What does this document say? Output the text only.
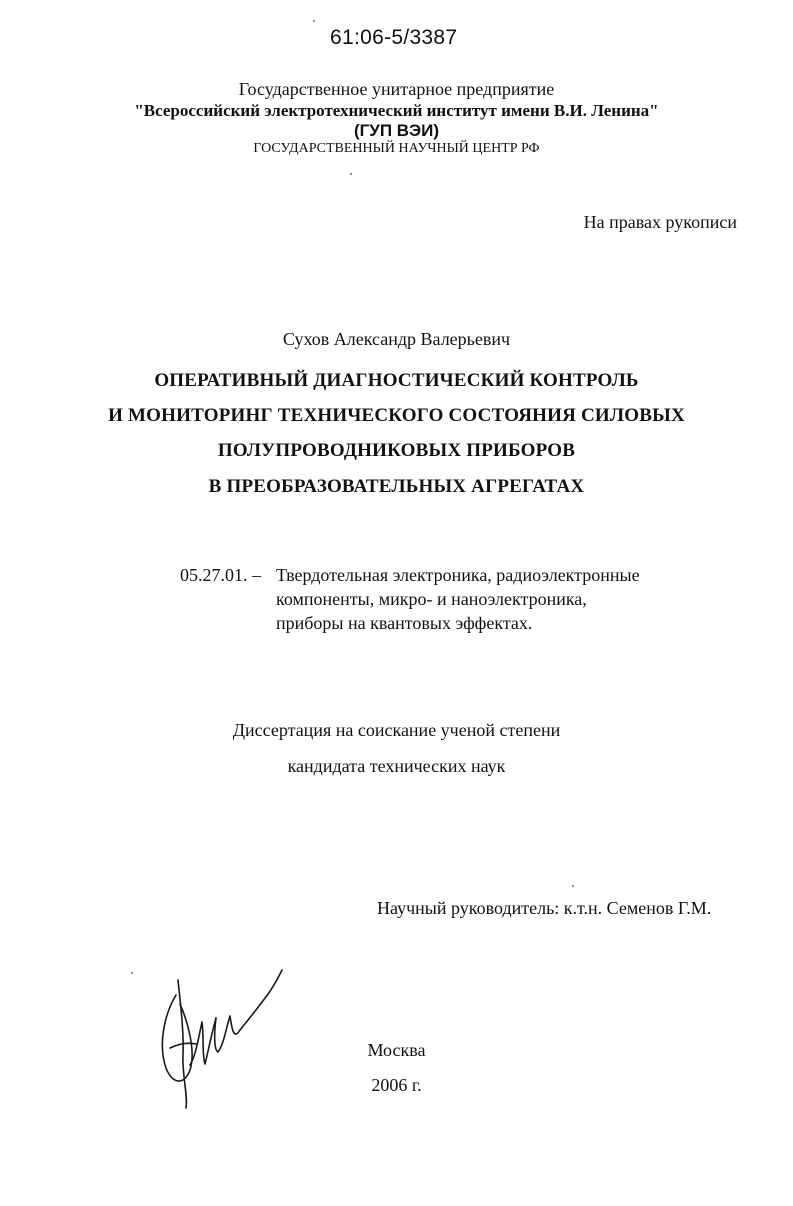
61:06-5/3387

Государственное унитарное предприятие

"Всероссийский электротехнический институт имени В.И. Ленина"

(ГУП ВЭИ)

ГОСУДАРСТВЕННЫЙ НАУЧНЫЙ ЦЕНТР РФ

На правах рукописи

Сухов Александр Валерьевич

ОПЕРАТИВНЫЙ ДИАГНОСТИЧЕСКИЙ КОНТРОЛЬ

И МОНИТОРИНГ ТЕХНИЧЕСКОГО СОСТОЯНИЯ СИЛОВЫХ

ПОЛУПРОВОДНИКОВЫХ ПРИБОРОВ

В ПРЕОБРАЗОВАТЕЛЬНЫХ АГРЕГАТАХ

05.27.01. – Твердотельная электроника, радиоэлектронные

компоненты, микро- и наноэлектроника,

приборы на квантовых эффектах.

Диссертация на соискание ученой степени

кандидата технических наук

Научный руководитель: к.т.н. Семенов Г.М.

Москва

2006 г.
